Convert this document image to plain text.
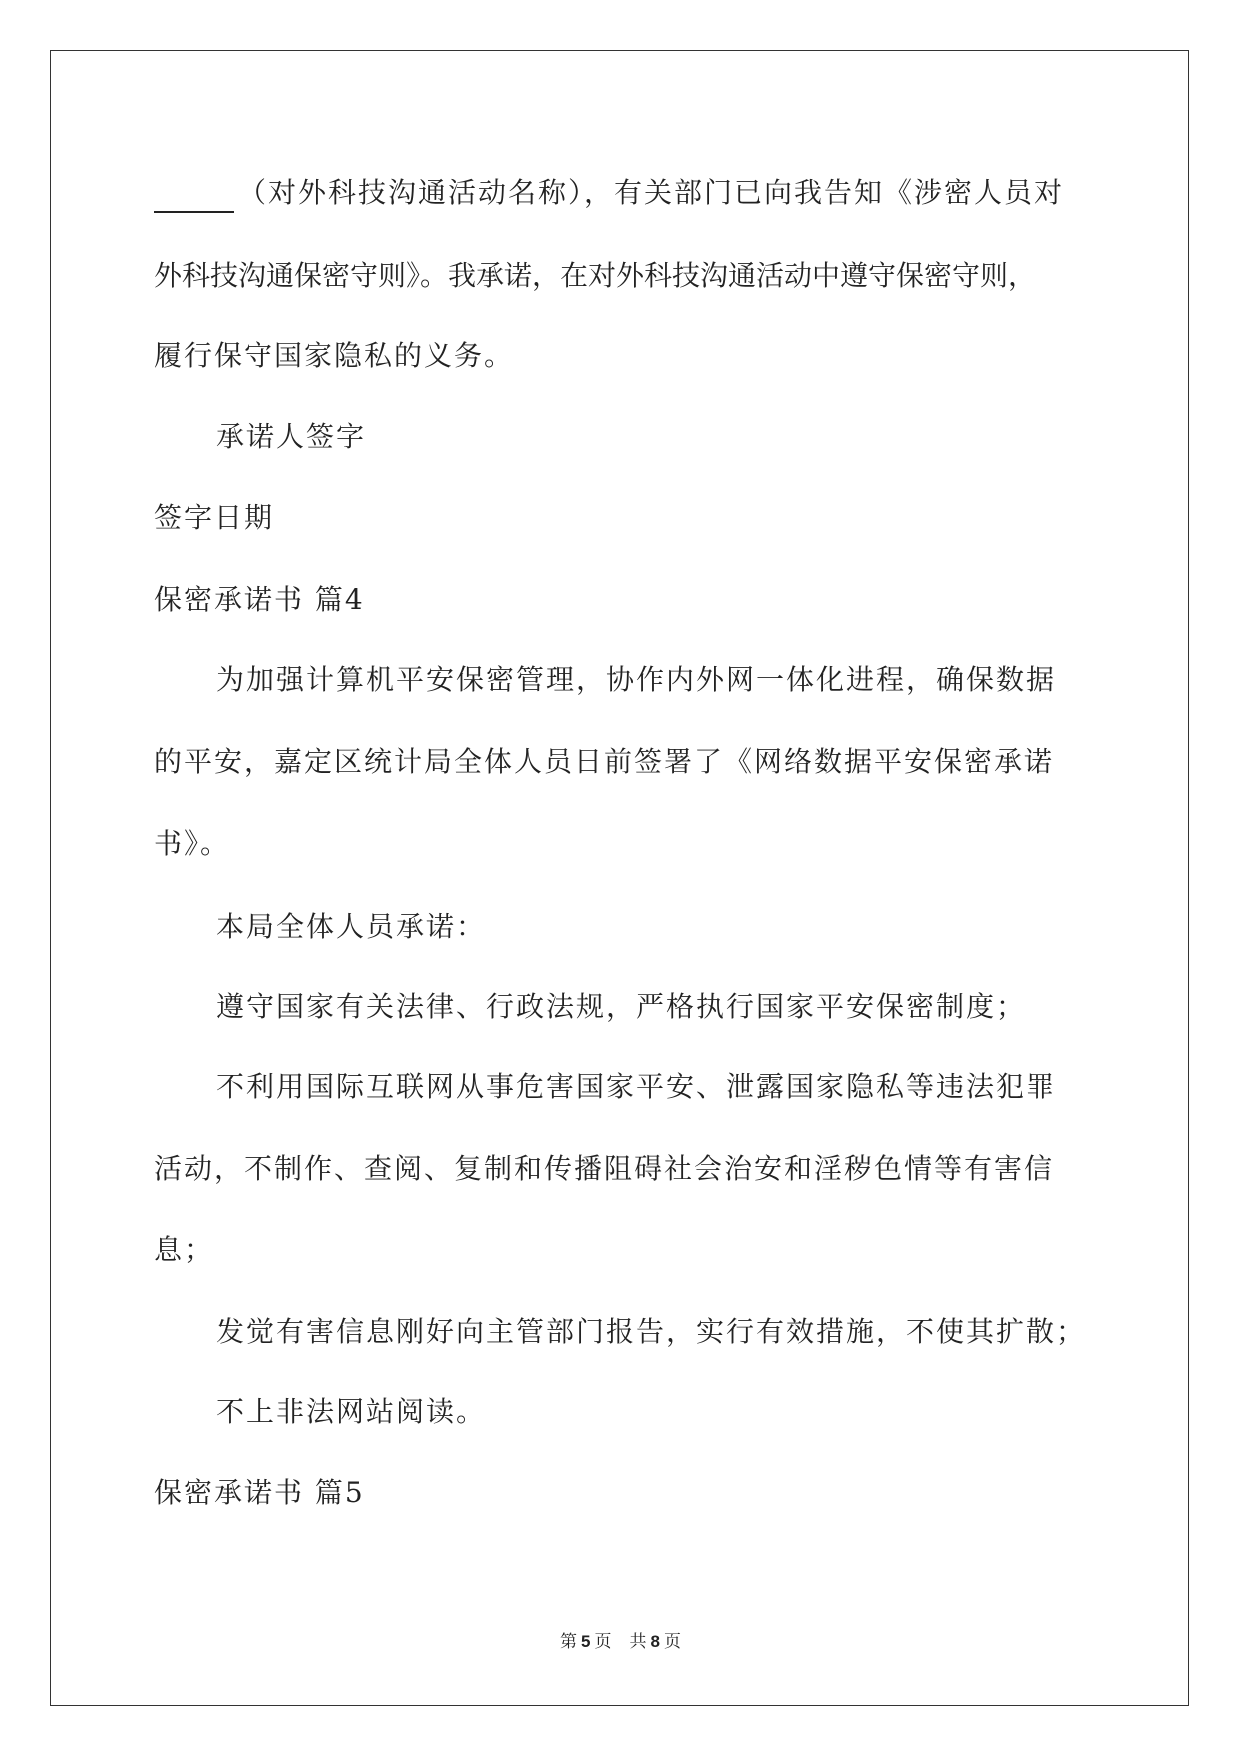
（对外科技沟通活动名称），有关部门已向我告知《涉密人员对
外科技沟通保密守则》。我承诺，在对外科技沟通活动中遵守保密守则，
履行保守国家隐私的义务。
承诺人签字
签字日期
保密承诺书 篇4
为加强计算机平安保密管理，协作内外网一体化进程，确保数据
的平安，嘉定区统计局全体人员日前签署了《网络数据平安保密承诺
书》。
本局全体人员承诺：
遵守国家有关法律、行政法规，严格执行国家平安保密制度；
不利用国际互联网从事危害国家平安、泄露国家隐私等违法犯罪
活动，不制作、查阅、复制和传播阻碍社会治安和淫秽色情等有害信
息；
发觉有害信息刚好向主管部门报告，实行有效措施，不使其扩散；
不上非法网站阅读。
保密承诺书 篇5
第 5 页 共 8 页
